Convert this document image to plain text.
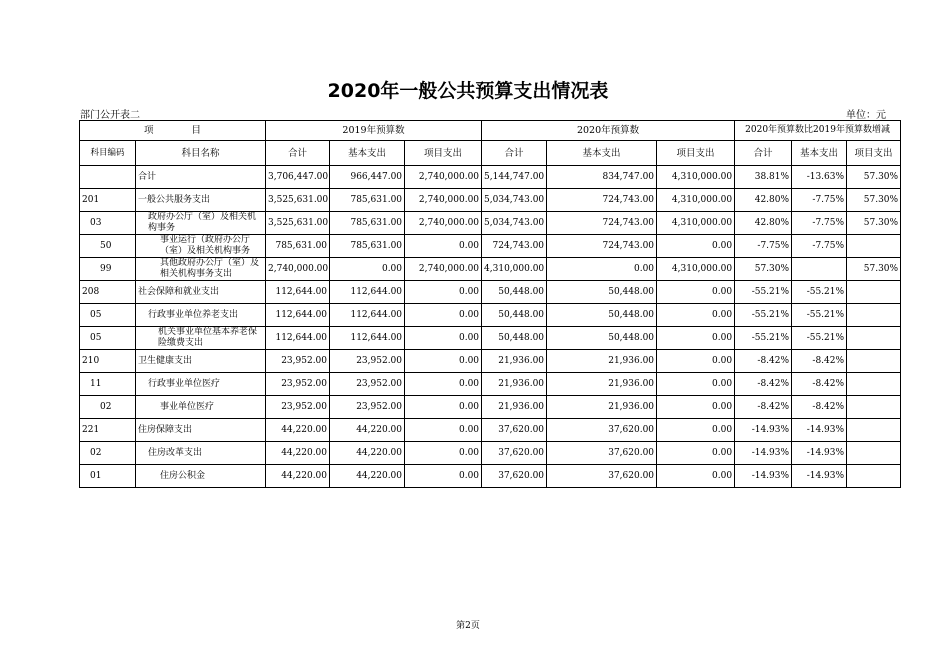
2020年一般公共预算支出情况表
部门公开表二	单位：元
项　　　　目		2019年预算数			2020年预算数			2020年预算数比2019年预算数增减		
科目编码	科目名称	合计	基本支出	项目支出	合计	基本支出	项目支出	合计	基本支出	项目支出
	合计	3,706,447.00	966,447.00	2,740,000.00	5,144,747.00	834,747.00	4,310,000.00	38.81%	-13.63%	57.30%
201	一般公共服务支出	3,525,631.00	785,631.00	2,740,000.00	5,034,743.00	724,743.00	4,310,000.00	42.80%	-7.75%	57.30%
03	政府办公厅（室）及相关机构事务	3,525,631.00	785,631.00	2,740,000.00	5,034,743.00	724,743.00	4,310,000.00	42.80%	-7.75%	57.30%
50	事业运行（政府办公厅（室）及相关机构事务	785,631.00	785,631.00	0.00	724,743.00	724,743.00	0.00	-7.75%	-7.75%	
99	其他政府办公厅（室）及相关机构事务支出	2,740,000.00	0.00	2,740,000.00	4,310,000.00	0.00	4,310,000.00	57.30%		57.30%
208	社会保障和就业支出	112,644.00	112,644.00	0.00	50,448.00	50,448.00	0.00	-55.21%	-55.21%	
05	行政事业单位养老支出	112,644.00	112,644.00	0.00	50,448.00	50,448.00	0.00	-55.21%	-55.21%	
05	机关事业单位基本养老保险缴费支出	112,644.00	112,644.00	0.00	50,448.00	50,448.00	0.00	-55.21%	-55.21%	
210	卫生健康支出	23,952.00	23,952.00	0.00	21,936.00	21,936.00	0.00	-8.42%	-8.42%	
11	行政事业单位医疗	23,952.00	23,952.00	0.00	21,936.00	21,936.00	0.00	-8.42%	-8.42%	
02	事业单位医疗	23,952.00	23,952.00	0.00	21,936.00	21,936.00	0.00	-8.42%	-8.42%	
221	住房保障支出	44,220.00	44,220.00	0.00	37,620.00	37,620.00	0.00	-14.93%	-14.93%	
02	住房改革支出	44,220.00	44,220.00	0.00	37,620.00	37,620.00	0.00	-14.93%	-14.93%	
01	住房公积金	44,220.00	44,220.00	0.00	37,620.00	37,620.00	0.00	-14.93%	-14.93%	
第2页
